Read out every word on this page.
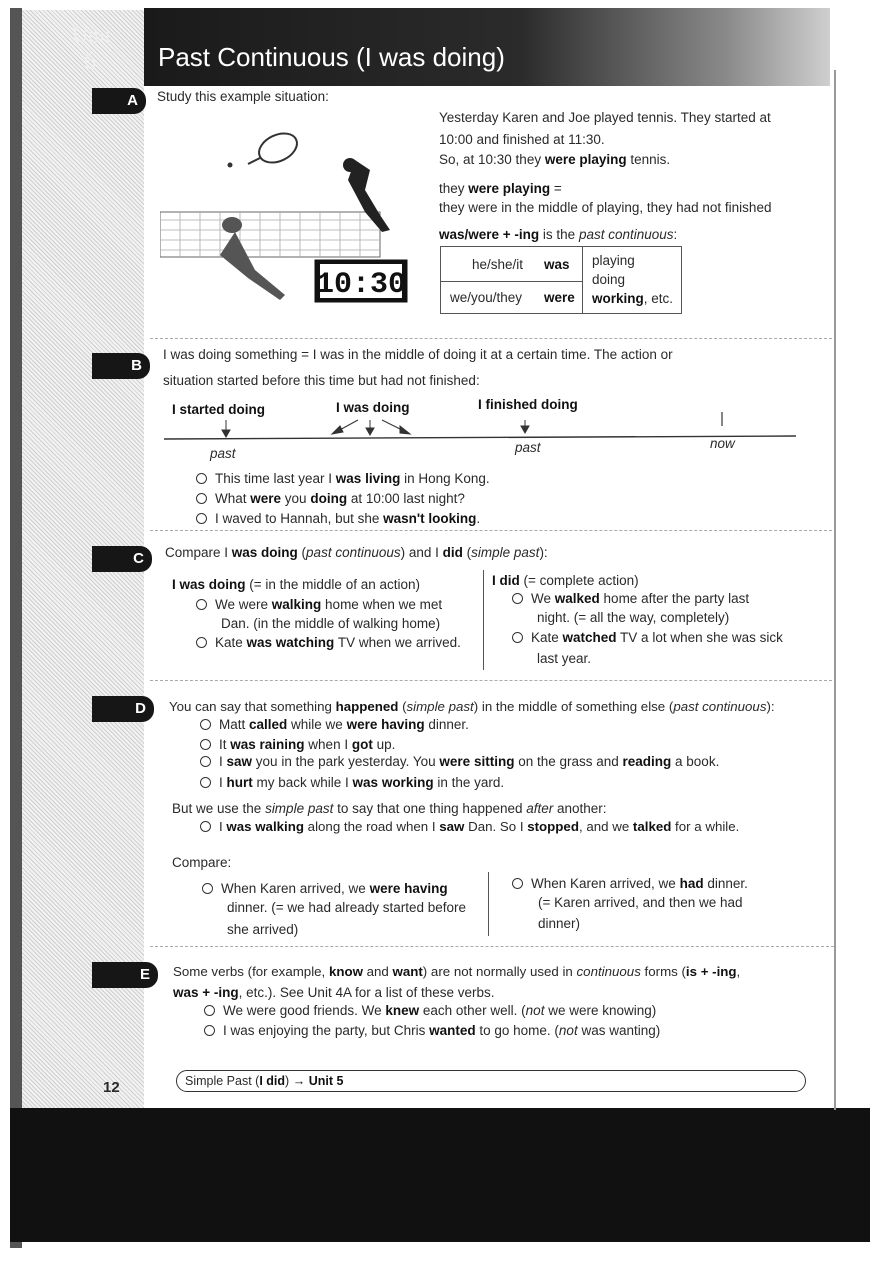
Unit
6 Past Continuous (I was doing)
A	Study this example situation:
10:30
Yesterday Karen and Joe played tennis. They started at
10:00 and finished at 11:30.
So, at 10:30 they were playing tennis.
they were playing =
they were in the middle of playing, they had not finished
was/were + -ing is the past continuous:
he/she/it was
we/you/they were
playing
doing
working, etc.
B
I was doing something = I was in the middle of doing it at a certain time. The action or
situation started before this time but had not finished:
I started doing	I was doing	I finished doing
past	past	now
This time last year I was living in Hong Kong.
What were you doing at 10:00 last night?
I waved to Hannah, but she wasn't looking.
C	Compare I was doing (past continuous) and I did (simple past):
I was doing (= in the middle of an action)
We were walking home when we met
Dan. (in the middle of walking home)
Kate was watching TV when we arrived.
I did (= complete action)
We walked home after the party last
night. (= all the way, completely)
Kate watched TV a lot when she was sick
last year.
D	You can say that something happened (simple past) in the middle of something else (past continuous):
Matt called while we were having dinner.
It was raining when I got up.
I saw you in the park yesterday. You were sitting on the grass and reading a book.
I hurt my back while I was working in the yard.
But we use the simple past to say that one thing happened after another:
I was walking along the road when I saw Dan. So I stopped, and we talked for a while.
Compare:
When Karen arrived, we were having
dinner. (= we had already started before
she arrived)
When Karen arrived, we had dinner.
(= Karen arrived, and then we had
dinner)
E	Some verbs (for example, know and want) are not normally used in continuous forms (is + -ing,
was + -ing, etc.). See Unit 4A for a list of these verbs.
We were good friends. We knew each other well. (not we were knowing)
I was enjoying the party, but Chris wanted to go home. (not was wanting)
12	Simple Past (I did) → Unit 5
